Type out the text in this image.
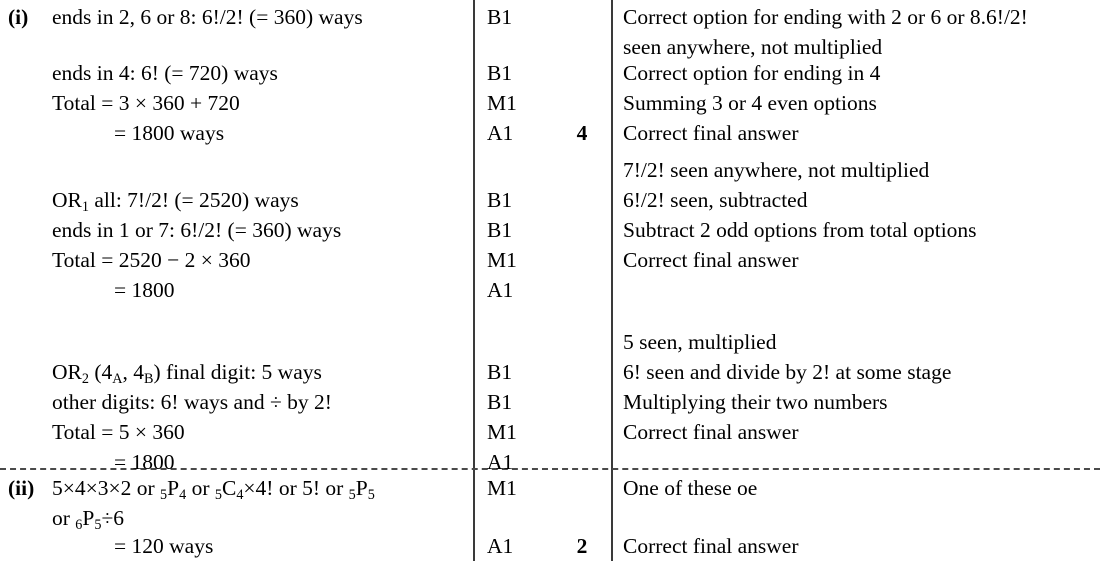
(i) ends in 2, 6 or 8: 6!/2! (= 360) ways
ends in 4: 6! (= 720) ways
Total = 3 × 360 + 720
= 1800 ways
B1
B1
M1
A1	4
Correct option for ending with 2 or 6 or 8.6!/2!
seen anywhere, not multiplied
Correct option for ending in 4
Summing 3 or 4 even options
Correct final answer
$OR_1$ all: 7!/2! (= 2520) ways
ends in 1 or 7: 6!/2! (= 360) ways
Total = 2520 − 2 × 360
= 1800
B1
B1
M1
A1
7!/2! seen anywhere, not multiplied
6!/2! seen, subtracted
Subtract 2 odd options from total options
Correct final answer
$OR_2$ ($4_A$, $4_B$) final digit: 5 ways
other digits: 6! ways and ÷ by 2!
Total = 5 × 360
= 1800
B1
B1
M1
A1
5 seen, multiplied
6! seen and divide by 2! at some stage
Multiplying their two numbers
Correct final answer
(ii) 5×4×3×2 or $5P_4$ or $5C_4\times 4$! or 5! or $5P_5$
or $6P_5\div 6$
= 120 ways
M1
A1	2
One of these oe
Correct final answer
